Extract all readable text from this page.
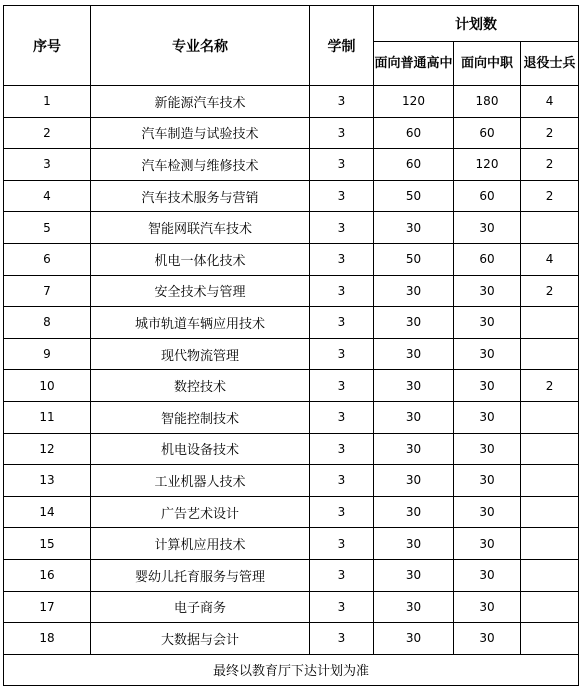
序号	专业名称	学制	计划数		
			面向普通高中	面向中职	退役士兵
1	新能源汽车技术	3	120	180	4
2	汽车制造与试验技术	3	60	60	2
3	汽车检测与维修技术	3	60	120	2
4	汽车技术服务与营销	3	50	60	2
5	智能网联汽车技术	3	30	30	
6	机电一体化技术	3	50	60	4
7	安全技术与管理	3	30	30	2
8	城市轨道车辆应用技术	3	30	30	
9	现代物流管理	3	30	30	
10	数控技术	3	30	30	2
11	智能控制技术	3	30	30	
12	机电设备技术	3	30	30	
13	工业机器人技术	3	30	30	
14	广告艺术设计	3	30	30	
15	计算机应用技术	3	30	30	
16	婴幼儿托育服务与管理	3	30	30	
17	电子商务	3	30	30	
18	大数据与会计	3	30	30	
最终以教育厅下达计划为准					
